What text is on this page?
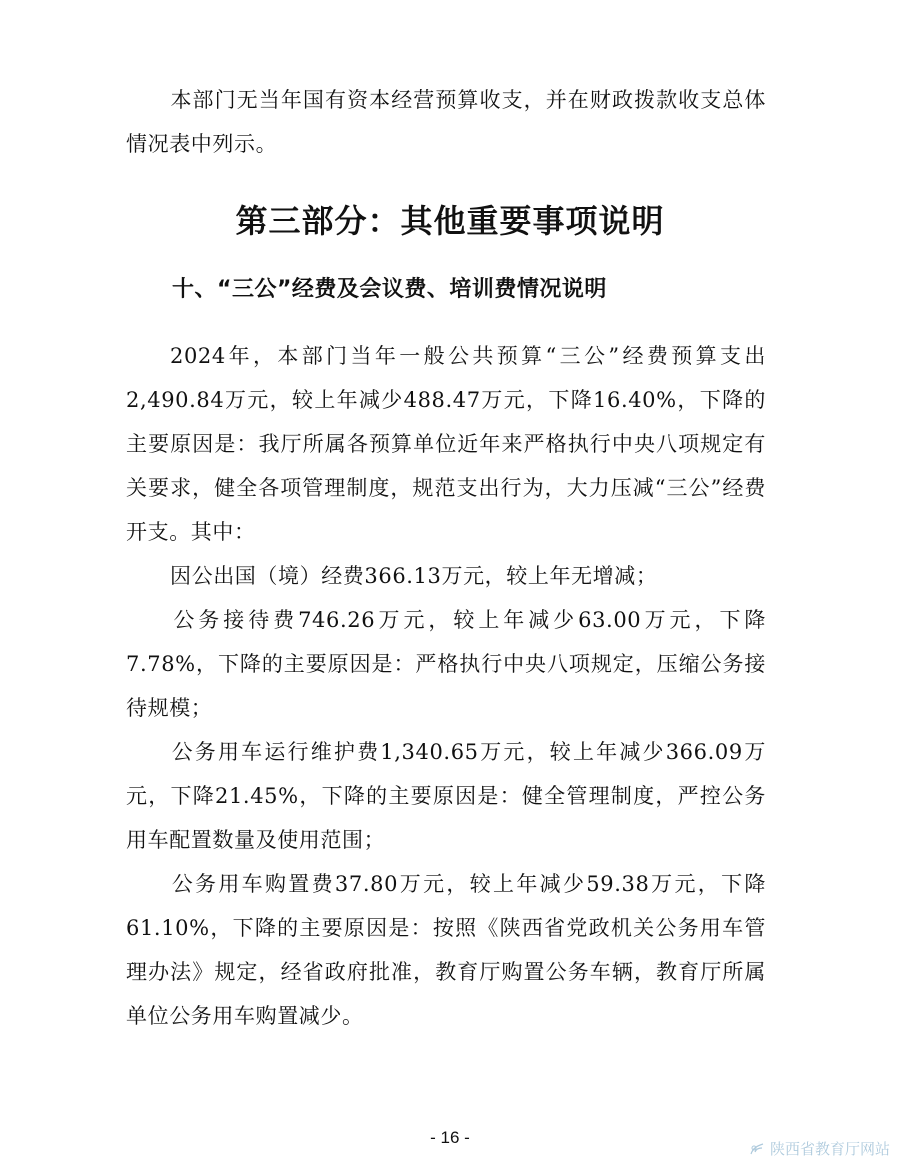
本部门无当年国有资本经营预算收支，并在财政拨款收支总体情况表中列示。

第三部分：其他重要事项说明
十、“三公”经费及会议费、培训费情况说明

2024年，本部门当年一般公共预算“三公”经费预算支出2,490.84万元，较上年减少488.47万元，下降16.40%，下降的主要原因是：我厅所属各预算单位近年来严格执行中央八项规定有关要求，健全各项管理制度，规范支出行为，大力压减“三公”经费开支。其中：

因公出国（境）经费366.13万元，较上年无增减；

公务接待费746.26万元，较上年减少63.00万元，下降7.78%，下降的主要原因是：严格执行中央八项规定，压缩公务接待规模；

公务用车运行维护费1,340.65万元，较上年减少366.09万元，下降21.45%，下降的主要原因是：健全管理制度，严控公务用车配置数量及使用范围；

公务用车购置费37.80万元，较上年减少59.38万元，下降61.10%，下降的主要原因是：按照《陕西省党政机关公务用车管理办法》规定，经省政府批准，教育厅购置公务车辆，教育厅所属单位公务用车购置减少。

- 16 -
陕西省教育厅网站
